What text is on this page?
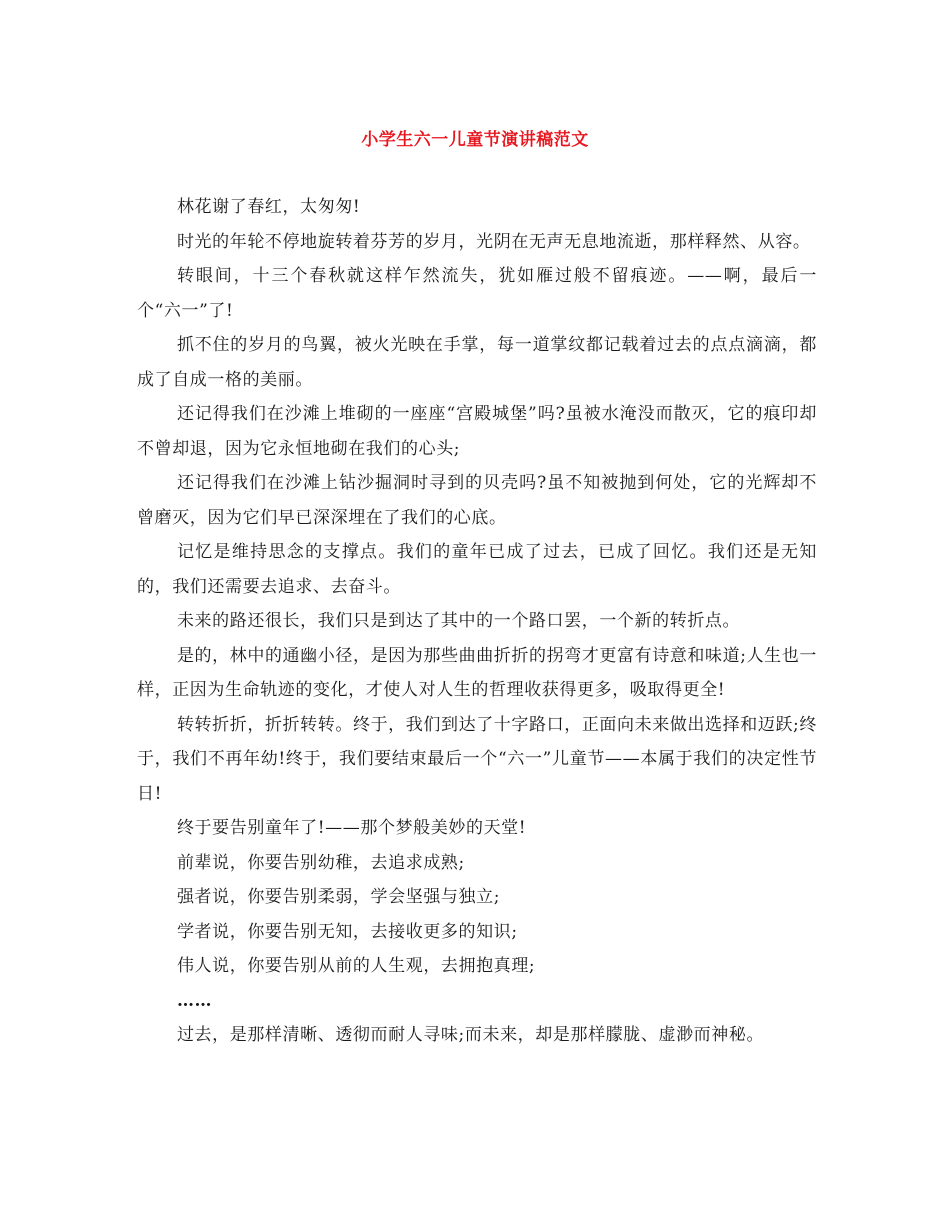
小学生六一儿童节演讲稿范文

林花谢了春红，太匆匆!

时光的年轮不停地旋转着芬芳的岁月，光阴在无声无息地流逝，那样释然、从容。

转眼间，十三个春秋就这样乍然流失，犹如雁过般不留痕迹。——啊，最后一个“六一”了!

抓不住的岁月的鸟翼，被火光映在手掌，每一道掌纹都记载着过去的点点滴滴，都成了自成一格的美丽。

还记得我们在沙滩上堆砌的一座座“宫殿城堡”吗?虽被水淹没而散灭，它的痕印却不曾却退，因为它永恒地砌在我们的心头;

还记得我们在沙滩上钻沙掘洞时寻到的贝壳吗?虽不知被抛到何处，它的光辉却不曾磨灭，因为它们早已深深埋在了我们的心底。

记忆是维持思念的支撑点。我们的童年已成了过去，已成了回忆。我们还是无知的，我们还需要去追求、去奋斗。

未来的路还很长，我们只是到达了其中的一个路口罢，一个新的转折点。

是的，林中的通幽小径，是因为那些曲曲折折的拐弯才更富有诗意和味道;人生也一样，正因为生命轨迹的变化，才使人对人生的哲理收获得更多，吸取得更全!

转转折折，折折转转。终于，我们到达了十字路口，正面向未来做出选择和迈跃;终于，我们不再年幼!终于，我们要结束最后一个“六一”儿童节——本属于我们的决定性节日!

终于要告别童年了!——那个梦般美妙的天堂!

前辈说，你要告别幼稚，去追求成熟;

强者说，你要告别柔弱，学会坚强与独立;

学者说，你要告别无知，去接收更多的知识;

伟人说，你要告别从前的人生观，去拥抱真理;

……

过去，是那样清晰、透彻而耐人寻味;而未来，却是那样朦胧、虚渺而神秘。
